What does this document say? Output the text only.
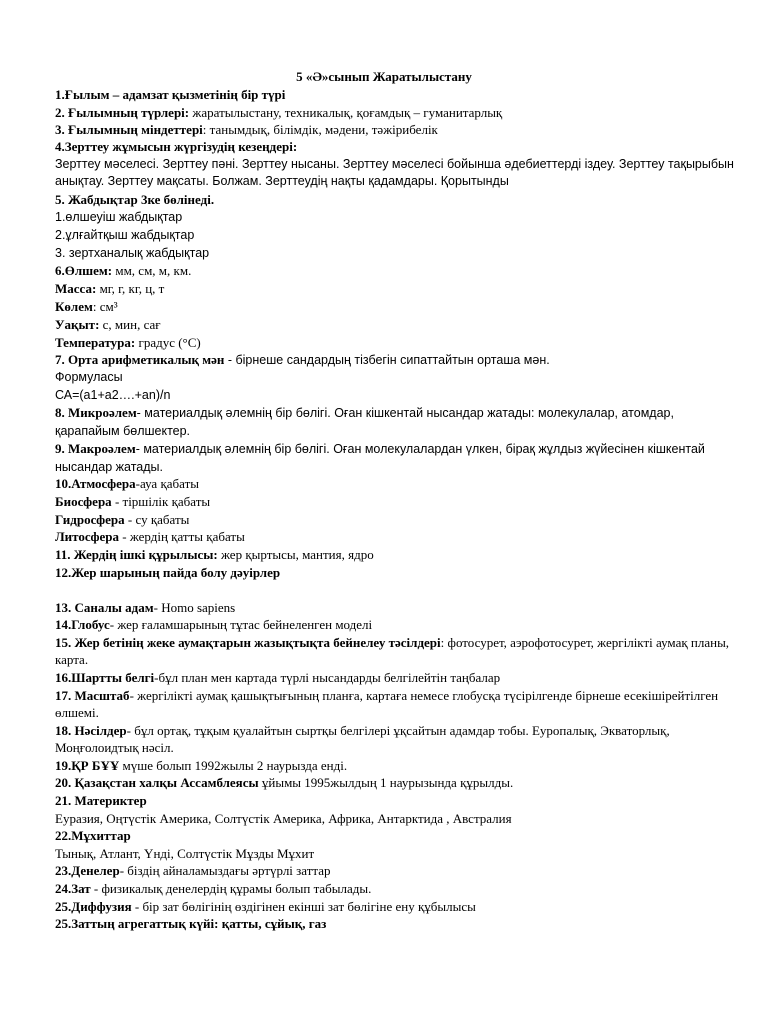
5 «Ә»сынып Жаратылыстану
1.Ғылым – адамзат қызметінің бір түрі
2. Ғылымның түрлері: жаратылыстану, техникалық, қоғамдық – гуманитарлық
3. Ғылымның міндеттері: танымдық, білімдік, мәдени, тәжірибелік
4.Зерттеу жұмысын жүргізудің кезеңдері:
Зерттеу мәселесі. Зерттеу пәні. Зерттеу нысаны. Зерттеу мәселесі бойынша әдебиеттерді іздеу. Зерттеу тақырыбын анықтау. Зерттеу мақсаты. Болжам. Зерттеудің нақты қадамдары. Қорытынды
5. Жабдықтар 3ке бөлінеді.
1.өлшеуіш жабдықтар
2.ұлғайтқыш жабдықтар
3. зертханалық жабдықтар
6.Өлшем: мм, см, м, км.
Масса: мг, г, кг, ц, т
Көлем: см³
Уақыт: с, мин, сағ
Температура: градус (°С)
7. Орта арифметикалық мән - бірнеше сандардың тізбегін сипаттайтын орташа мән.
Формуласы
СА=(a1+a2….+an)/n
8. Микроәлем- материалдық әлемнің бір бөлігі. Оған кішкентай нысандар жатады: молекулалар, атомдар, қарапайым бөлшектер.
9. Макроәлем- материалдық әлемнің бір бөлігі. Оған молекулалардан үлкен, бірақ жұлдыз жүйесінен кішкентай нысандар жатады.
10.Атмосфера-ауа қабаты
Биосфера - тіршілік қабаты
Гидросфера - су қабаты
Литосфера - жердің қатты қабаты
11. Жердің ішкі құрылысы: жер қыртысы, мантия, ядро
12.Жер шарының пайда болу дәуірлер
13. Саналы адам- Homo sapiens
14.Глобус- жер ғаламшарының тұтас бейнеленген моделі
15. Жер бетінің жеке аумақтарын жазықтықта бейнелеу тәсілдері: фотосурет, аэрофотосурет, жергілікті аумақ планы, карта.
16.Шартты белгі-бұл план мен картада түрлі нысандарды белгілейтін таңбалар
17. Масштаб- жергілікті аумақ қашықтығының планға, картаға немесе глобусқа түсірілгенде бірнеше есекішірейтілген өлшемі.
18. Нәсілдер- бұл ортақ, тұқым қуалайтын сыртқы белгілері ұқсайтын адамдар тобы. Еуропалық, Экваторлық, Моңғолоидтық нәсіл.
19.ҚР БҰҰ мүше болып 1992жылы 2 наурызда енді.
20. Қазақстан халқы Ассамблеясы ұйымы 1995жылдың 1 наурызында құрылды.
21. Материктер
Еуразия, Оңтүстік Америка, Солтүстік Америка, Африка, Антарктида , Австралия
22.Мұхиттар
Тынық, Атлант, Үнді, Солтүстік Мұзды Мұхит
23.Денелер- біздің айналамыздағы әртүрлі заттар
24.Зат - физикалық денелердің құрамы болып табылады.
25.Диффузия - бір зат бөлігінің өздігінен екінші зат бөлігіне ену құбылысы
25.Заттың агрегаттық күйі: қатты, сұйық, газ
